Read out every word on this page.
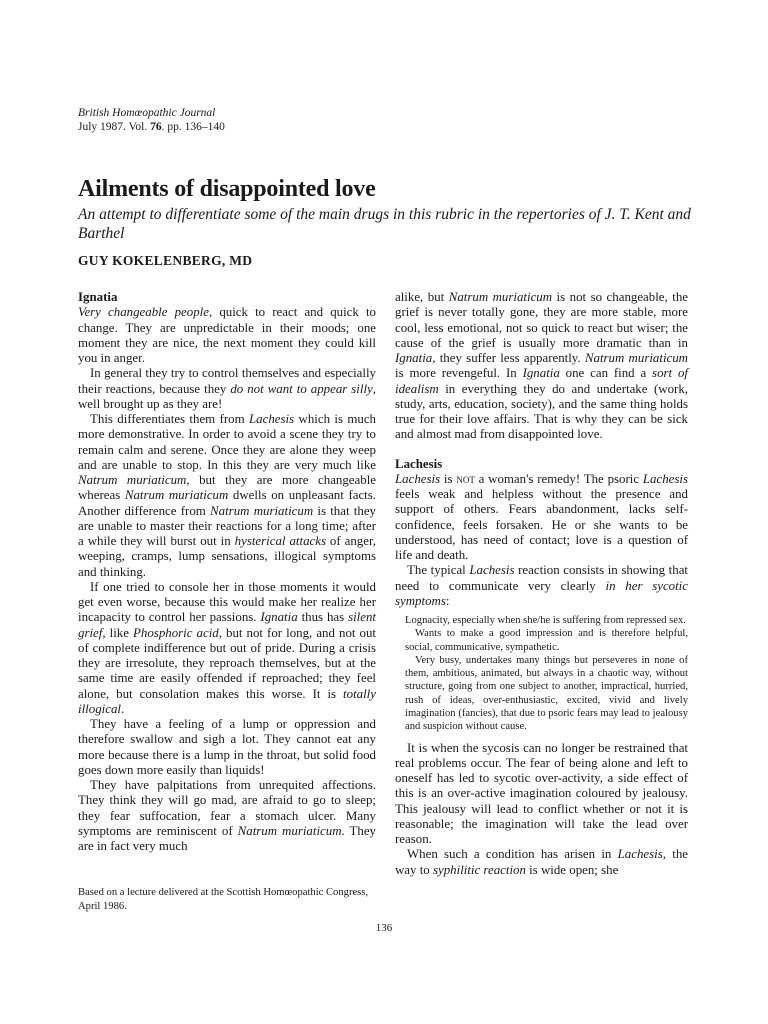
British Homœopathic Journal
July 1987. Vol. 76. pp. 136–140
Ailments of disappointed love

An attempt to differentiate some of the main drugs in this rubric in the repertories of J. T. Kent and Barthel

GUY KOKELENBERG, MD
Ignatia

Very changeable people, quick to react and quick to change. They are unpredictable in their moods; one moment they are nice, the next moment they could kill you in anger.

In general they try to control themselves and especially their reactions, because they do not want to appear silly, well brought up as they are!

This differentiates them from Lachesis which is much more demonstrative. In order to avoid a scene they try to remain calm and serene. Once they are alone they weep and are unable to stop. In this they are very much like Natrum muriaticum, but they are more changeable whereas Natrum muriaticum dwells on unpleasant facts. Another difference from Natrum muriaticum is that they are unable to master their reactions for a long time; after a while they will burst out in hysterical attacks of anger, weeping, cramps, lump sensations, illogical symptoms and thinking.

If one tried to console her in those moments it would get even worse, because this would make her realize her incapacity to control her passions. Ignatia thus has silent grief, like Phosphoric acid, but not for long, and not out of complete indifference but out of pride. During a crisis they are irresolute, they reproach themselves, but at the same time are easily offended if reproached; they feel alone, but consolation makes this worse. It is totally illogical.

They have a feeling of a lump or oppression and therefore swallow and sigh a lot. They cannot eat any more because there is a lump in the throat, but solid food goes down more easily than liquids!

They have palpitations from unrequited affections. They think they will go mad, are afraid to go to sleep; they fear suffocation, fear a stomach ulcer. Many symptoms are reminiscent of Natrum muriaticum. They are in fact very much

alike, but Natrum muriaticum is not so changeable, the grief is never totally gone, they are more stable, more cool, less emotional, not so quick to react but wiser; the cause of the grief is usually more dramatic than in Ignatia, they suffer less apparently. Natrum muriaticum is more revengeful. In Ignatia one can find a sort of idealism in everything they do and undertake (work, study, arts, education, society), and the same thing holds true for their love affairs. That is why they can be sick and almost mad from disappointed love.

Lachesis

Lachesis is not a woman's remedy! The psoric Lachesis feels weak and helpless without the presence and support of others. Fears abandonment, lacks self-confidence, feels forsaken. He or she wants to be understood, has need of contact; love is a question of life and death.

The typical Lachesis reaction consists in showing that need to communicate very clearly in her sycotic symptoms:

Lognacity, especially when she/he is suffering from repressed sex.

Wants to make a good impression and is therefore helpful, social, communicative, sympathetic.

Very busy, undertakes many things but perseveres in none of them, ambitious, animated, but always in a chaotic way, without structure, going from one subject to another, impractical, hurried, rush of ideas, over-enthusiastic, excited, vivid and lively imagination (fancies), that due to psoric fears may lead to jealousy and suspicion without cause.

It is when the sycosis can no longer be restrained that real problems occur. The fear of being alone and left to oneself has led to sycotic over-activity, a side effect of this is an over-active imagination coloured by jealousy. This jealousy will lead to conflict whether or not it is reasonable; the imagination will take the lead over reason.

When such a condition has arisen in Lachesis, the way to syphilitic reaction is wide open; she

Based on a lecture delivered at the Scottish Homœopathic Congress, April 1986.
136
